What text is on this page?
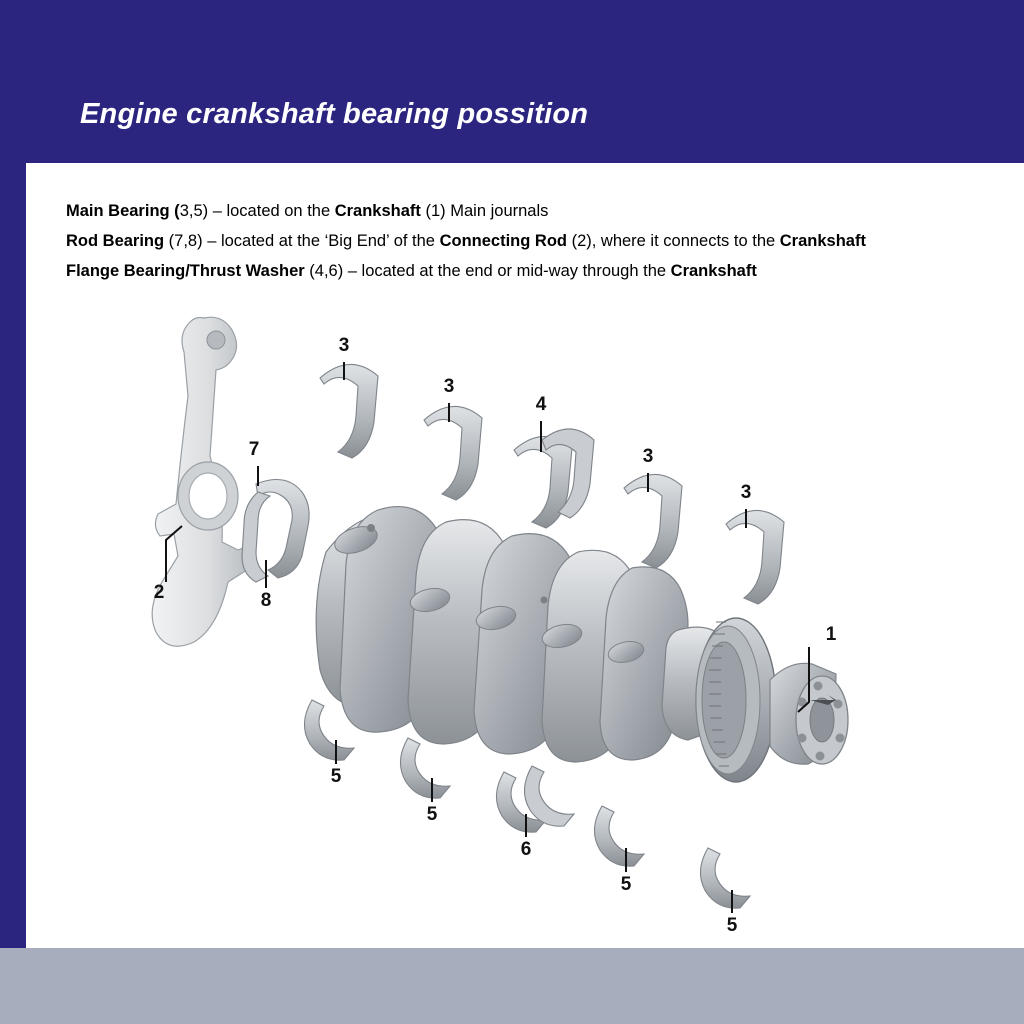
Engine crankshaft bearing possition
Main Bearing (3,5) – located on the Crankshaft (1) Main journals
Rod Bearing (7,8) – located at the ‘Big End’ of the Connecting Rod (2), where it connects to the Crankshaft
Flange Bearing/Thrust Washer (4,6) – located at the end or mid-way through the Crankshaft
3
3
3
3
4
1
2
7
8
5
5
5
5
6
